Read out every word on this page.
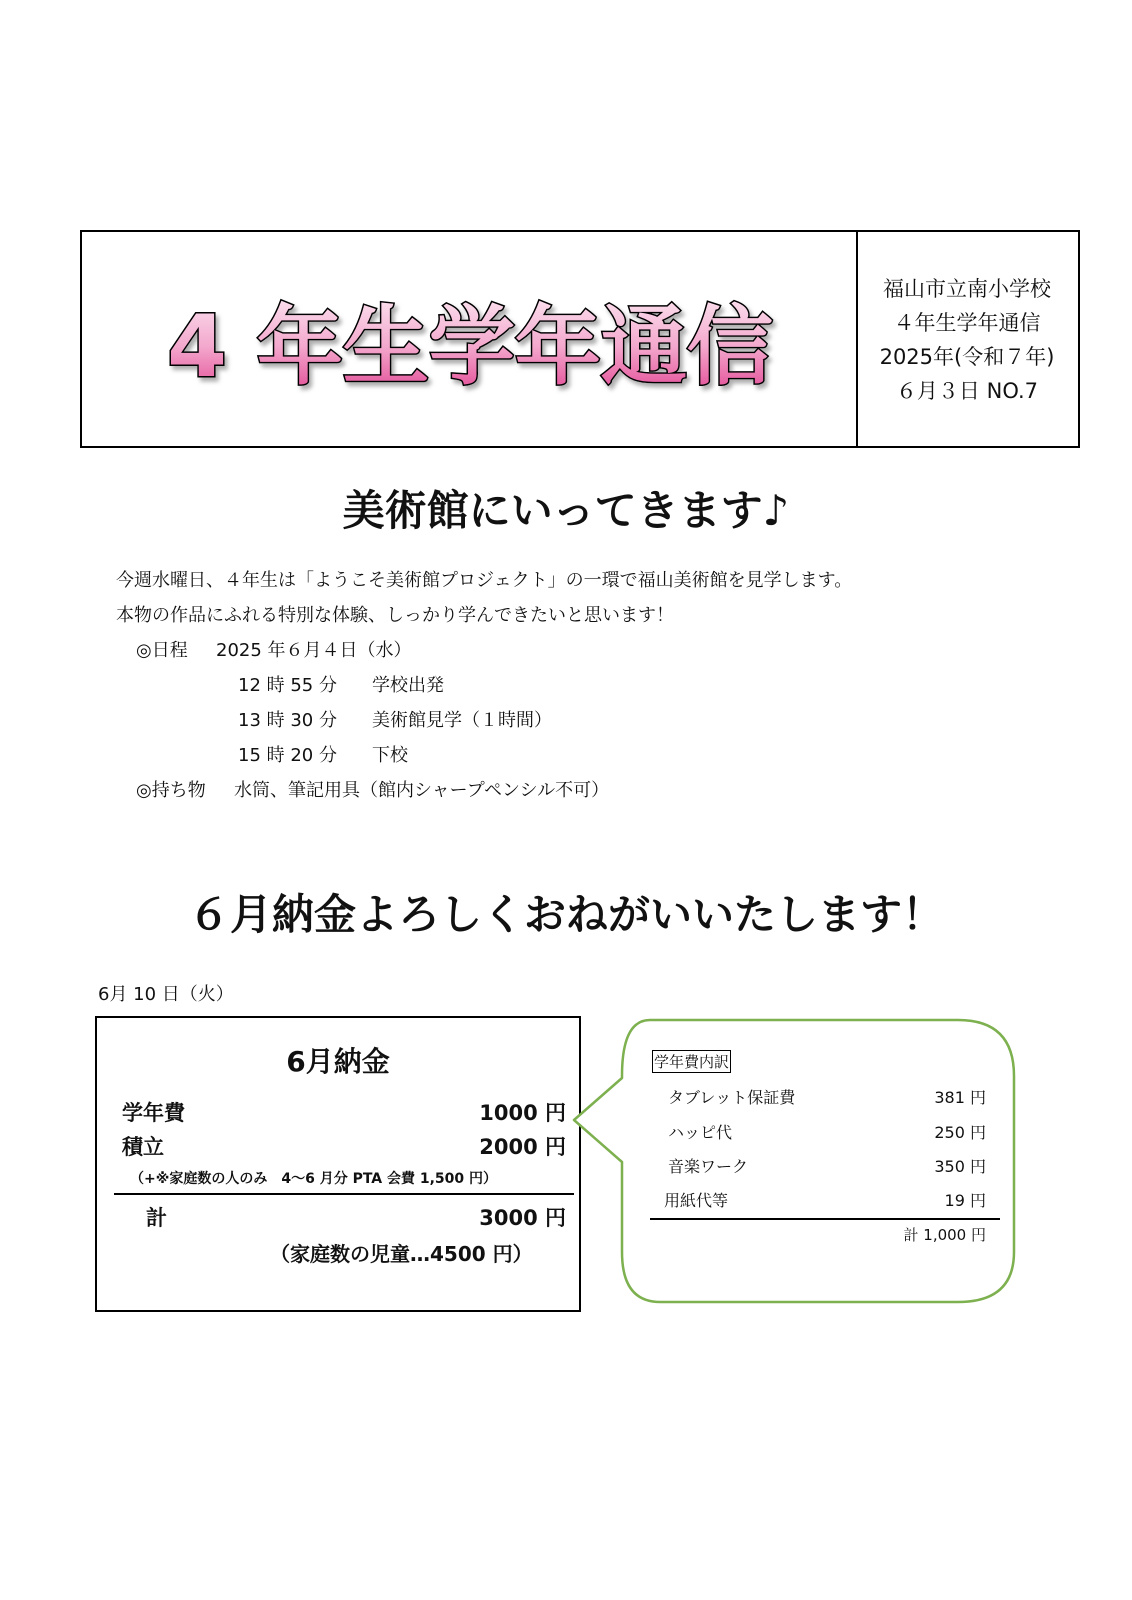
4 年生学年通信
福山市立南小学校
４年生学年通信
2025年(令和７年)
６月３日 NO.7
美術館にいってきます♪
今週水曜日、４年生は「ようこそ美術館プロジェクト」の一環で福山美術館を見学します。
本物の作品にふれる特別な体験、しっかり学んできたいと思います！
◎日程 2025 年６月４日（水）
12 時 55 分 学校出発
13 時 30 分 美術館見学（１時間）
15 時 20 分 下校
◎持ち物 水筒、筆記用具（館内シャープペンシル不可）
６月納金よろしくおねがいいたします！
6月 10 日（火）
6月納金
学年費	1000 円
積立	2000 円
（+※家庭数の人のみ　4～6 月分 PTA 会費 1,500 円）
計	3000 円
（家庭数の児童…4500 円）
学年費内訳
タブレット保証費	381 円
ハッピ代	250 円
音楽ワーク	350 円
用紙代等	19 円
計 1,000 円
